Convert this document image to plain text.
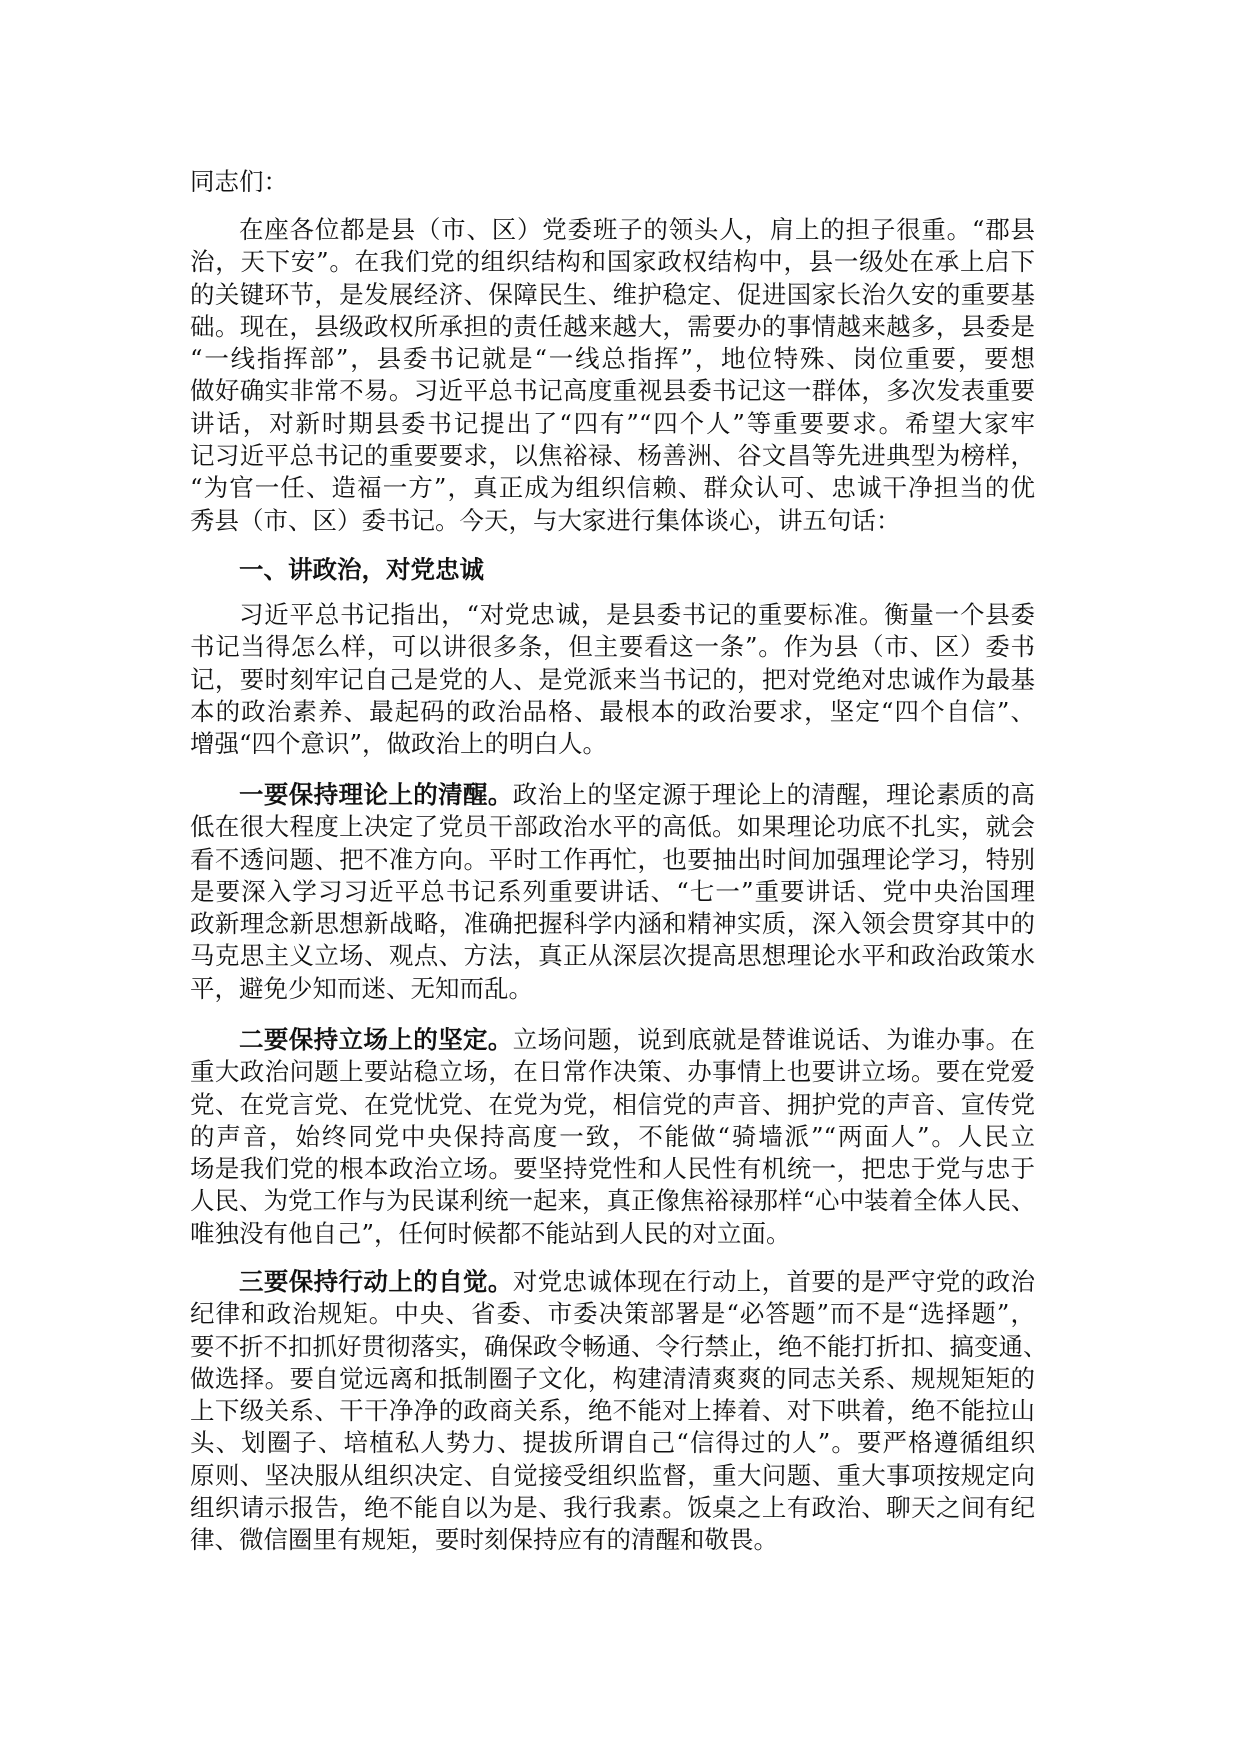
同志们：
在座各位都是县（市、区）党委班子的领头人，肩上的担子很重。“郡县
治，天下安”。在我们党的组织结构和国家政权结构中，县一级处在承上启下
的关键环节，是发展经济、保障民生、维护稳定、促进国家长治久安的重要基
础。现在，县级政权所承担的责任越来越大，需要办的事情越来越多，县委是
“一线指挥部”，县委书记就是“一线总指挥”，地位特殊、岗位重要，要想
做好确实非常不易。习近平总书记高度重视县委书记这一群体，多次发表重要
讲话，对新时期县委书记提出了“四有”“四个人”等重要要求。希望大家牢
记习近平总书记的重要要求，以焦裕禄、杨善洲、谷文昌等先进典型为榜样，
“为官一任、造福一方”，真正成为组织信赖、群众认可、忠诚干净担当的优
秀县（市、区）委书记。今天，与大家进行集体谈心，讲五句话：
一、讲政治，对党忠诚
习近平总书记指出，“对党忠诚，是县委书记的重要标准。衡量一个县委
书记当得怎么样，可以讲很多条，但主要看这一条”。作为县（市、区）委书
记，要时刻牢记自己是党的人、是党派来当书记的，把对党绝对忠诚作为最基
本的政治素养、最起码的政治品格、最根本的政治要求，坚定“四个自信”、
增强“四个意识”，做政治上的明白人。
一要保持理论上的清醒。政治上的坚定源于理论上的清醒，理论素质的高
低在很大程度上决定了党员干部政治水平的高低。如果理论功底不扎实，就会
看不透问题、把不准方向。平时工作再忙，也要抽出时间加强理论学习，特别
是要深入学习习近平总书记系列重要讲话、“七一”重要讲话、党中央治国理
政新理念新思想新战略，准确把握科学内涵和精神实质，深入领会贯穿其中的
马克思主义立场、观点、方法，真正从深层次提高思想理论水平和政治政策水
平，避免少知而迷、无知而乱。
二要保持立场上的坚定。立场问题，说到底就是替谁说话、为谁办事。在
重大政治问题上要站稳立场，在日常作决策、办事情上也要讲立场。要在党爱
党、在党言党、在党忧党、在党为党，相信党的声音、拥护党的声音、宣传党
的声音，始终同党中央保持高度一致，不能做“骑墙派”“两面人”。人民立
场是我们党的根本政治立场。要坚持党性和人民性有机统一，把忠于党与忠于
人民、为党工作与为民谋利统一起来，真正像焦裕禄那样“心中装着全体人民、
唯独没有他自己”，任何时候都不能站到人民的对立面。
三要保持行动上的自觉。对党忠诚体现在行动上，首要的是严守党的政治
纪律和政治规矩。中央、省委、市委决策部署是“必答题”而不是“选择题”，
要不折不扣抓好贯彻落实，确保政令畅通、令行禁止，绝不能打折扣、搞变通、
做选择。要自觉远离和抵制圈子文化，构建清清爽爽的同志关系、规规矩矩的
上下级关系、干干净净的政商关系，绝不能对上捧着、对下哄着，绝不能拉山
头、划圈子、培植私人势力、提拔所谓自己“信得过的人”。要严格遵循组织
原则、坚决服从组织决定、自觉接受组织监督，重大问题、重大事项按规定向
组织请示报告，绝不能自以为是、我行我素。饭桌之上有政治、聊天之间有纪
律、微信圈里有规矩，要时刻保持应有的清醒和敬畏。
